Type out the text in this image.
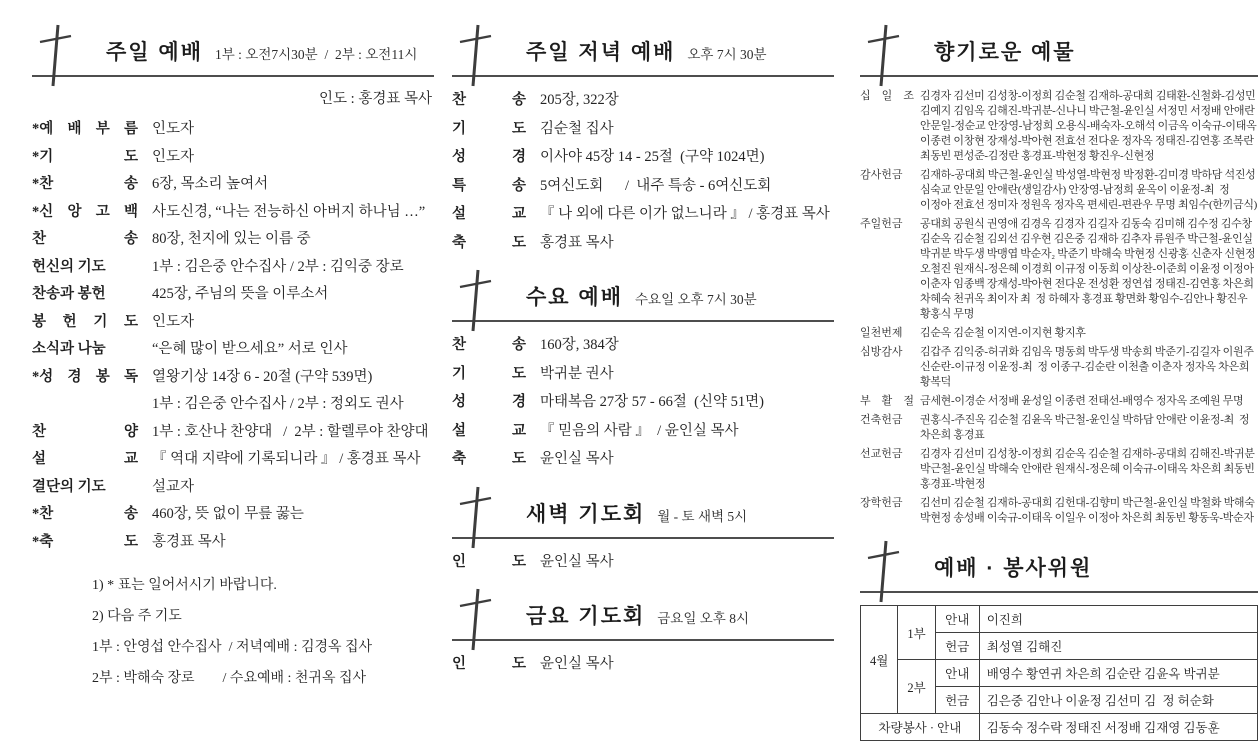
주일 예배 1부 : 오전7시30분  /  2부 : 오전11시
인도 : 홍경표 목사
*예 배 부 름 인도자
*기 도 인도자
*찬 송 6장, 목소리 높여서
*신 앙 고 백 사도신경, “나는 전능하신 아버지 하나님 …”
찬 송 80장, 천지에 있는 이름 중
헌신의 기도	1부 : 김은중 안수집사 / 2부 : 김익중 장로
찬송과 봉헌	425장, 주님의 뜻을 이루소서
봉 헌 기 도 인도자
소식과 나눔	“은혜 많이 받으세요” 서로 인사
*성 경 봉 독 열왕기상 14장 6 - 20절 (구약 539면)
1부 : 김은중 안수집사 / 2부 : 정외도 권사
찬 양 1부 : 호산나 찬양대   /  2부 : 할렐루야 찬양대
설 교 『 역대 지략에 기록되니라 』 / 홍경표 목사
결단의 기도	설교자
*찬 송 460장, 뜻 없이 무릎 꿇는
*축 도 홍경표 목사
1) * 표는 일어서시기 바랍니다.
2) 다음 주 기도
1부 : 안영섭 안수집사  / 저녁예배 : 김경옥 집사
2부 : 박해숙 장로        / 수요예배 : 천귀옥 집사
주일 저녁 예배 오후 7시 30분
찬 송 205장, 322장
기 도 김순철 집사
성 경 이사야 45장 14 - 25절  (구약 1024면)
특 송 5여신도회      /  내주 특송 - 6여신도회
설 교 『 나 외에 다른 이가 없느니라 』 / 홍경표 목사
축 도 홍경표 목사
수요 예배 수요일 오후 7시 30분
찬 송 160장, 384장
기 도 박귀분 권사
성 경 마태복음 27장 57 - 66절  (신약 51면)
설 교 『 믿음의 사람 』  / 윤인실 목사
축 도 윤인실 목사
새벽 기도회 월 - 토 새벽 5시
인 도 윤인실 목사
금요 기도회 금요일 오후 8시
인 도 윤인실 목사
향기로운 예물
십 일 조 김경자 김선미 김성창-이정희 김순철 김재하-공대희 김태환-신철화-김성민
김예지 김임옥 김해진-박귀분-신나니 박근철-윤인실 서정민 서정배 안애란
안문일-정순교 안장영-남정희 오용식-배숙자-오해석 이금옥 이숙규-이태옥
이종련 이창현 장재성-박아현 전효선 전다운 정자옥 정태진-김연홍 조복란
최동빈 편성준-김정란 홍경표-박현정 황진우-신현정
감사헌금	김재하-공대희 박근철-윤인실 박성열-박현정 박정환-김미경 박하담 석진성
심숙교 안문일 안애란(생일감사) 안장영-남정희 윤옥이 이윤정-최  정
이정아 전효선 정미자 정원옥 정자옥 편세린-편관우 무명 최임수(한끼금식)
주일헌금	공대희 공원식 권영애 김경옥 김경자 김길자 김동숙 김미해 김수정 김수창
김순옥 김순철 김외선 김우현 김은중 김재하 김추자 류원주 박근철-윤인실
박귀분 박두생 박맹엽 박순자₂ 박준기 박해숙 박현정 신광홍 신춘자 신현정
오철진 원재식-정은혜 이경희 이규정 이동희 이상찬-이준희 이윤정 이정아
이춘자 임종백 장재성-박아현 전다운 전성환 정연섭 정태진-김연홍 차은희
차혜숙 천귀옥 최이자 최  정 하혜자 홍경표 황면화 황임수-김안나 황진우
황홍식 무명
일천번제	김순옥 김순철 이지연-이지현 황지후
심방감사	김갑주 김익중-허귀화 김임옥 명동희 박두생 박송희 박준기-김길자 이원주
신순란-이규정 이윤정-최  정 이종구-김순란 이천출 이춘자 정자옥 차은희
황복덕
부 활 절 금세현-이경순 서정배 윤성일 이종련 전태선-배영수 정자옥 조예원 무명
건축헌금	권홍식-주진옥 김순철 김윤옥 박근철-윤인실 박하담 안애란 이윤정-최  정
차은희 홍경표
선교헌금	김경자 김선미 김성창-이정희 김순옥 김순철 김재하-공대희 김해진-박귀분
박근철-윤인실 박해숙 안애란 원재식-정은혜 이숙규-이태옥 차은희 최동빈
홍경표-박현정
장학헌금	김선미 김순철 김재하-공대희 김헌대-김향미 박근철-윤인실 박철화 박해숙
박현정 송성배 이숙규-이태옥 이일우 이정아 차은희 최동빈 황동욱-박순자
예배 · 봉사위원
4월	1부	안내	이진희
		헌금	최성열 김해진
	2부	안내	배영수 황연귀 차은희 김순란 김윤옥 박귀분
		헌금	김은중 김안나 이윤정 김선미 김  정 허순화
차량봉사 · 안내			김동숙 정수락 정태진 서정배 김재영 김동훈
